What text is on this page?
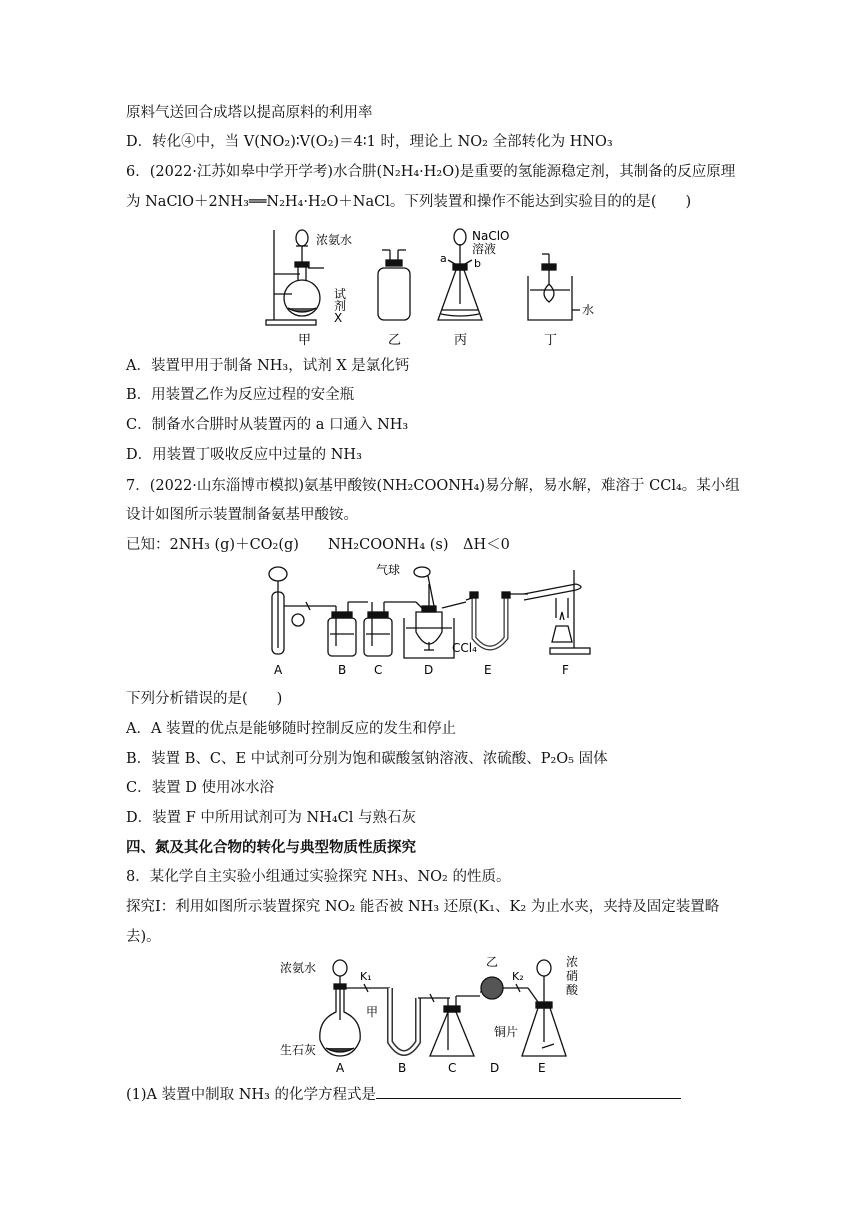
原料气送回合成塔以提高原料的利用率
D．转化④中，当 V(NO₂)∶V(O₂)＝4∶1 时，理论上 NO₂ 全部转化为 HNO₃
6．(2022·江苏如皋中学开学考)水合肼(N₂H₄·H₂O)是重要的氢能源稳定剂，其制备的反应原理
为 NaClO＋2NH₃══N₂H₄·H₂O＋NaCl。下列装置和操作不能达到实验目的的是(　　)
浓氨水
试
剂
X
甲	乙
NaClO
溶液
a b
丙
水
丁
A．装置甲用于制备 NH₃，试剂 X 是氯化钙
B．用装置乙作为反应过程的安全瓶
C．制备水合肼时从装置丙的 a 口通入 NH₃
D．用装置丁吸收反应中过量的 NH₃
7．(2022·山东淄博市模拟)氨基甲酸铵(NH₂COONH₄)易分解，易水解，难溶于 CCl₄。某小组
设计如图所示装置制备氨基甲酸铵。
已知：2NH₃ (g)＋CO₂(g)　　NH₂COONH₄ (s)　ΔH＜0
气球
CCl₄
A	B C	D	E	F
下列分析错误的是(　　)
A．A 装置的优点是能够随时控制反应的发生和停止
B．装置 B、C、E 中试剂可分别为饱和碳酸氢钠溶液、浓硫酸、P₂O₅ 固体
C．装置 D 使用冰水浴
D．装置 F 中所用试剂可为 NH₄Cl 与熟石灰
四、氮及其化合物的转化与典型物质性质探究
8．某化学自主实验小组通过实验探究 NH₃、NO₂ 的性质。
探究Ⅰ：利用如图所示装置探究 NO₂ 能否被 NH₃ 还原(K₁、K₂ 为止水夹，夹持及固定装置略
去)。
浓氨水
K₁
生石灰
甲
乙
K₂
浓
硝
酸
铜片
A	B	C	D	E
(1)A 装置中制取 NH₃ 的化学方程式是
